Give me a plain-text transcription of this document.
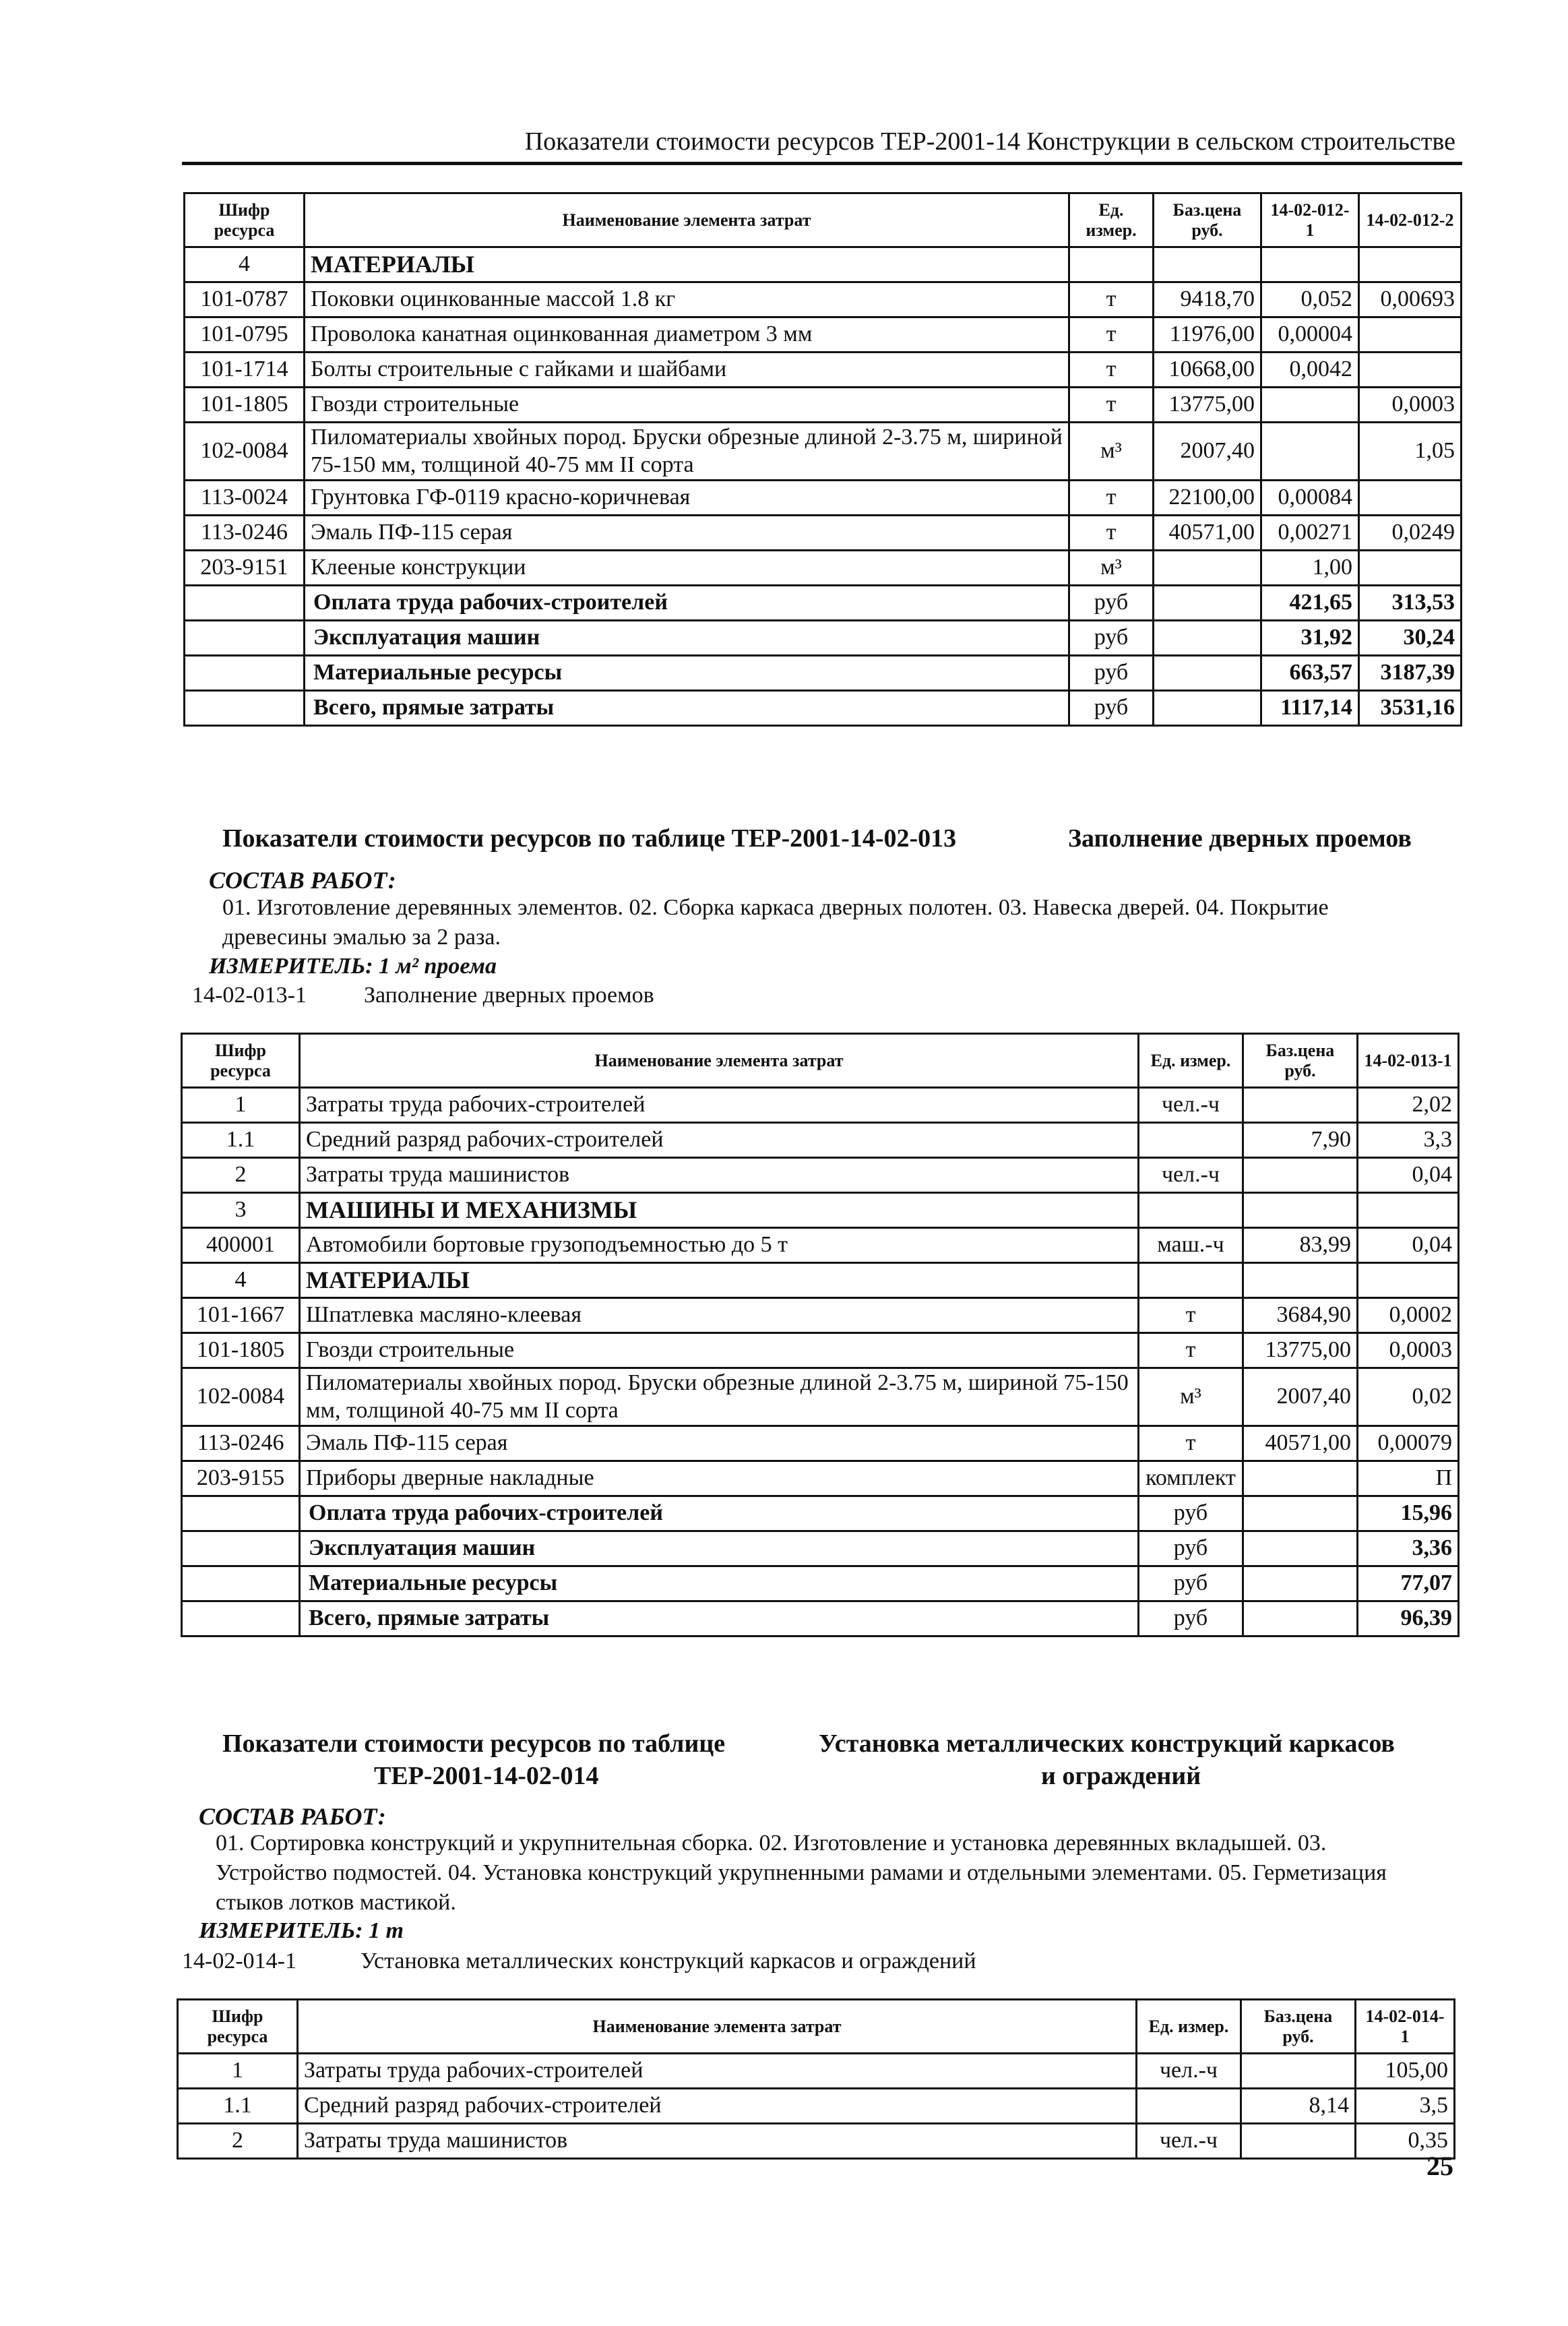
Показатели стоимости ресурсов ТЕР-2001-14 Конструкции в сельском строительстве
Шифр ресурса	Наименование элемента затрат	Ед. измер.	Баз.цена руб.	14-02-012-1	14-02-012-2
4	МАТЕРИАЛЫ				
101-0787	Поковки оцинкованные массой 1.8 кг	т	9418,70	0,052	0,00693
101-0795	Проволока канатная оцинкованная диаметром 3 мм	т	11976,00	0,00004	
101-1714	Болты строительные с гайками и шайбами	т	10668,00	0,0042	
101-1805	Гвозди строительные	т	13775,00		0,0003
102-0084	Пиломатериалы хвойных пород. Бруски обрезные длиной 2-3.75 м, шириной 75-150 мм, толщиной 40-75 мм II сорта	м³	2007,40		1,05
113-0024	Грунтовка ГФ-0119 красно-коричневая	т	22100,00	0,00084	
113-0246	Эмаль ПФ-115 серая	т	40571,00	0,00271	0,0249
203-9151	Клееные конструкции	м³		1,00	
	Оплата труда рабочих-строителей	руб		421,65	313,53
	Эксплуатация машин	руб		31,92	30,24
	Материальные ресурсы	руб		663,57	3187,39
	Всего, прямые затраты	руб		1117,14	3531,16
Показатели стоимости ресурсов по таблице ТЕР-2001-14-02-013	Заполнение дверных проемов
СОСТАВ РАБОТ:
01. Изготовление деревянных элементов. 02. Сборка каркаса дверных полотен. 03. Навеска дверей. 04. Покрытие древесины эмалью за 2 раза.
ИЗМЕРИТЕЛЬ: 1 м² проема
14-02-013-1	Заполнение дверных проемов
Шифр ресурса	Наименование элемента затрат	Ед. измер.	Баз.цена руб.	14-02-013-1
1	Затраты труда рабочих-строителей	чел.-ч		2,02
1.1	Средний разряд рабочих-строителей		7,90	3,3
2	Затраты труда машинистов	чел.-ч		0,04
3	МАШИНЫ И МЕХАНИЗМЫ			
400001	Автомобили бортовые грузоподъемностью до 5 т	маш.-ч	83,99	0,04
4	МАТЕРИАЛЫ			
101-1667	Шпатлевка масляно-клеевая	т	3684,90	0,0002
101-1805	Гвозди строительные	т	13775,00	0,0003
102-0084	Пиломатериалы хвойных пород. Бруски обрезные длиной 2-3.75 м, шириной 75-150 мм, толщиной 40-75 мм II сорта	м³	2007,40	0,02
113-0246	Эмаль ПФ-115 серая	т	40571,00	0,00079
203-9155	Приборы дверные накладные	комплект		П
	Оплата труда рабочих-строителей	руб		15,96
	Эксплуатация машин	руб		3,36
	Материальные ресурсы	руб		77,07
	Всего, прямые затраты	руб		96,39
Показатели стоимости ресурсов по таблице
ТЕР-2001-14-02-014
Установка металлических конструкций каркасов
и ограждений
СОСТАВ РАБОТ:
01. Сортировка конструкций и укрупнительная сборка. 02. Изготовление и установка деревянных вкладышей. 03. Устройство подмостей. 04. Установка конструкций укрупненными рамами и отдельными элементами. 05. Герметизация стыков лотков мастикой.
ИЗМЕРИТЕЛЬ: 1 т
14-02-014-1	Установка металлических конструкций каркасов и ограждений
Шифр ресурса	Наименование элемента затрат	Ед. измер.	Баз.цена руб.	14-02-014-1
1	Затраты труда рабочих-строителей	чел.-ч		105,00
1.1	Средний разряд рабочих-строителей		8,14	3,5
2	Затраты труда машинистов	чел.-ч		0,35
25
